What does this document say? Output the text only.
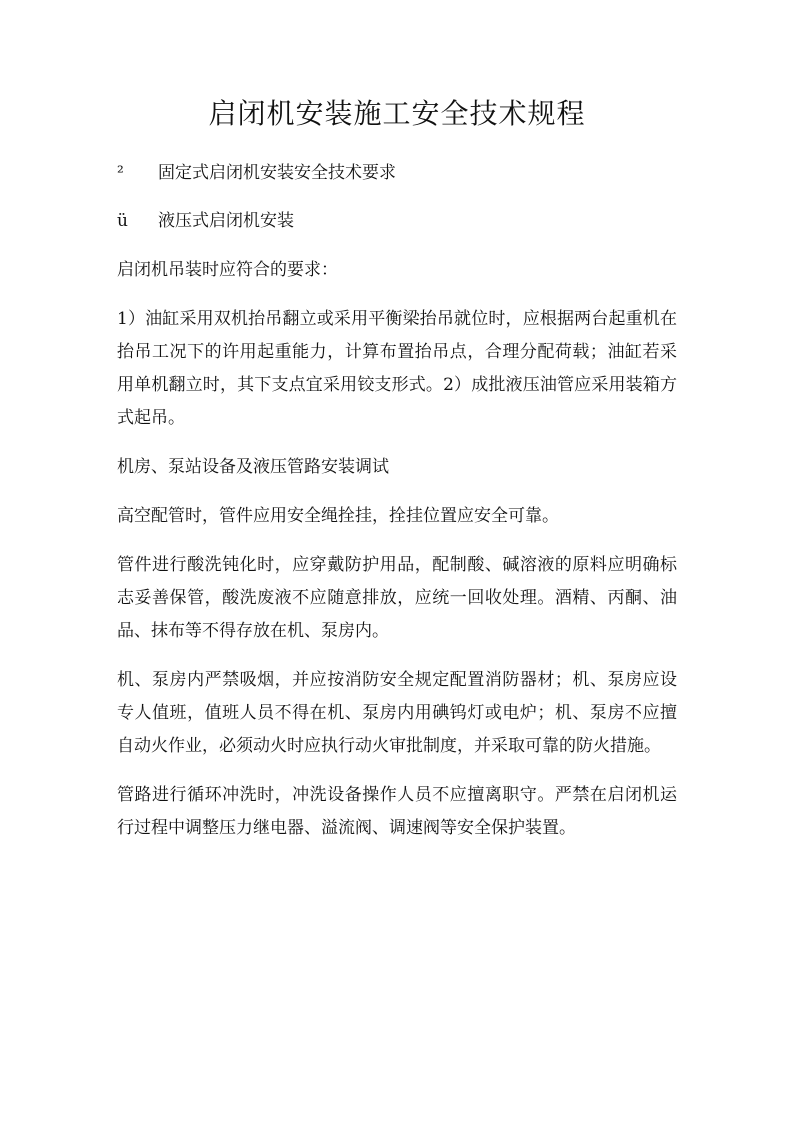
启闭机安装施工安全技术规程
²	固定式启闭机安装安全技术要求
ü	液压式启闭机安装

启闭机吊装时应符合的要求：

1）油缸采用双机抬吊翻立或采用平衡梁抬吊就位时，应根据两台起重机在抬吊工况下的许用起重能力，计算布置抬吊点，合理分配荷载；油缸若采用单机翻立时，其下支点宜采用铰支形式。2）成批液压油管应采用装箱方式起吊。

机房、泵站设备及液压管路安装调试

高空配管时，管件应用安全绳拴挂，拴挂位置应安全可靠。

管件进行酸洗钝化时，应穿戴防护用品，配制酸、碱溶液的原料应明确标志妥善保管，酸洗废液不应随意排放，应统一回收处理。酒精、丙酮、油品、抹布等不得存放在机、泵房内。

机、泵房内严禁吸烟，并应按消防安全规定配置消防器材；机、泵房应设专人值班，值班人员不得在机、泵房内用碘钨灯或电炉；机、泵房不应擅自动火作业，必须动火时应执行动火审批制度，并采取可靠的防火措施。

管路进行循环冲洗时，冲洗设备操作人员不应擅离职守。严禁在启闭机运行过程中调整压力继电器、溢流阀、调速阀等安全保护装置。
